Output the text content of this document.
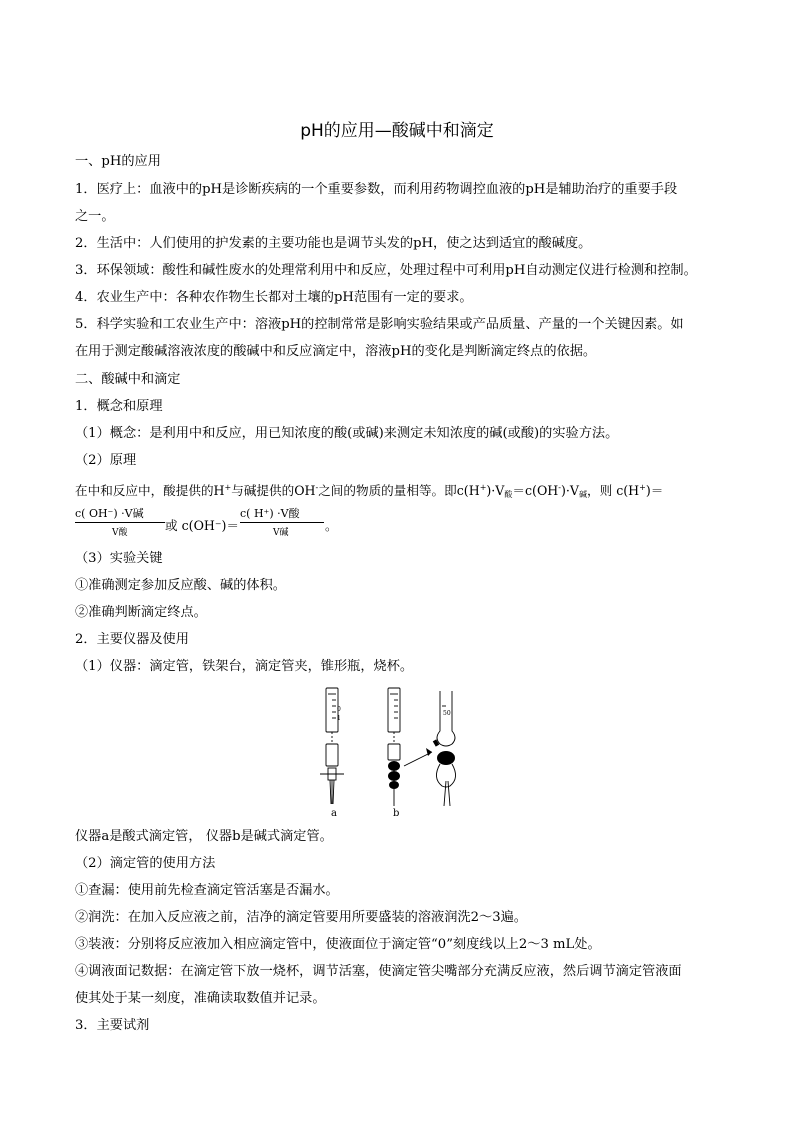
pH的应用—酸碱中和滴定
一、pH的应用
1．医疗上：血液中的pH是诊断疾病的一个重要参数，而利用药物调控血液的pH是辅助治疗的重要手段
之一。
2．生活中：人们使用的护发素的主要功能也是调节头发的pH，使之达到适宜的酸碱度。
3．环保领域：酸性和碱性废水的处理常利用中和反应，处理过程中可利用pH自动测定仪进行检测和控制。
4．农业生产中：各种农作物生长都对土壤的pH范围有一定的要求。
5．科学实验和工农业生产中：溶液pH的控制常常是影响实验结果或产品质量、产量的一个关键因素。如
在用于测定酸碱溶液浓度的酸碱中和反应滴定中，溶液pH的变化是判断滴定终点的依据。
二、酸碱中和滴定
1．概念和原理
（1）概念：是利用中和反应，用已知浓度的酸(或碱)来测定未知浓度的碱(或酸)的实验方法。
（2）原理
在中和反应中，酸提供的H+与碱提供的OH-之间的物质的量相等。即$c(H^+)\cdot V_酸=c(OH^-)\cdot V_碱$，则 c(H+)＝
c( OH⁻) ·V碱
V酸	或 c(OH⁻)＝
c( H⁺) ·V酸
V碱	。
（3）实验关键
①准确测定参加反应酸、碱的体积。
②准确判断滴定终点。
2．主要仪器及使用
（1）仪器：滴定管，铁架台，滴定管夹，锥形瓶，烧杯。
a	b
0
1
50
仪器a是酸式滴定管， 仪器b是碱式滴定管。
（2）滴定管的使用方法
①查漏：使用前先检查滴定管活塞是否漏水。
②润洗：在加入反应液之前，洁净的滴定管要用所要盛装的溶液润洗2～3遍。
③装液：分别将反应液加入相应滴定管中，使液面位于滴定管“0”刻度线以上2～3 mL处。
④调液面记数据：在滴定管下放一烧杯，调节活塞，使滴定管尖嘴部分充满反应液，然后调节滴定管液面
使其处于某一刻度，准确读取数值并记录。
3．主要试剂
